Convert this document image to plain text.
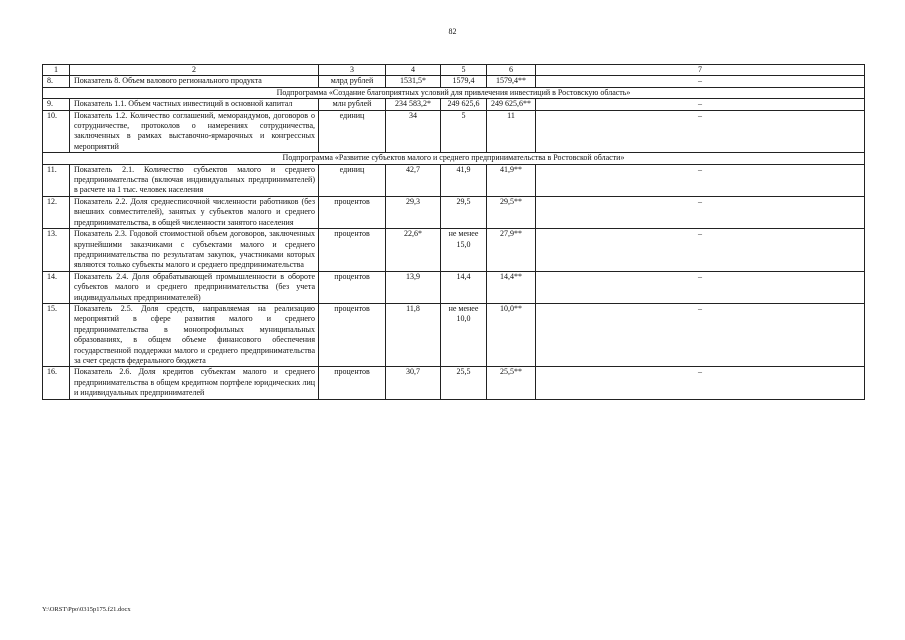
82
1	2	3	4	5	6	7
8.	Показатель 8. Объем валового регионального продукта	млрд рублей	1531,5*	1579,4	1579,4**	–
Подпрограмма «Создание благоприятных условий для привлечения инвестиций в Ростовскую область»						
9.	Показатель 1.1. Объем частных инвестиций в основной капитал	млн рублей	234 583,2*	249 625,6	249 625,6**	–
10.	Показатель 1.2. Количество соглашений, меморандумов, договоров о сотрудничестве, протоколов о намерениях сотрудничества, заключенных в рамках выставочно-ярмарочных и конгрессных мероприятий	единиц	34	5	11	–
Подпрограмма «Развитие субъектов малого и среднего предпринимательства в Ростовской области»						
11.	Показатель 2.1. Количество субъектов малого и среднего предпринимательства (включая индивидуальных предпринимателей) в расчете на 1 тыс. человек населения	единиц	42,7	41,9	41,9**	–
12.	Показатель 2.2. Доля среднесписочной численности работников (без внешних совместителей), занятых у субъектов малого и среднего предпринимательства, в общей численности занятого населения	процентов	29,3	29,5	29,5**	–
13.	Показатель 2.3. Годовой стоимостной объем договоров, заключенных крупнейшими заказчиками с субъектами малого и среднего предпринимательства по результатам закупок, участниками которых являются только субъекты малого и среднего предпринимательства	процентов	22,6*	не менее 15,0	27,9**	–
14.	Показатель 2.4. Доля обрабатывающей промышленности в обороте субъектов малого и среднего предпринимательства (без учета индивидуальных предпринимателей)	процентов	13,9	14,4	14,4**	–
15.	Показатель 2.5. Доля средств, направляемая на реализацию мероприятий в сфере развития малого и среднего предпринимательства в монопрофильных муниципальных образованиях, в общем объеме финансового обеспечения государственной поддержки малого и среднего предпринимательства за счет средств федерального бюджета	процентов	11,8	не менее 10,0	10,0**	–
16.	Показатель 2.6. Доля кредитов субъектам малого и среднего предпринимательства в общем кредитном портфеле юридических лиц и индивидуальных предпринимателей	процентов	30,7	25,5	25,5**	–
Y:\ORST\Ppo\0315p175.f21.docx
